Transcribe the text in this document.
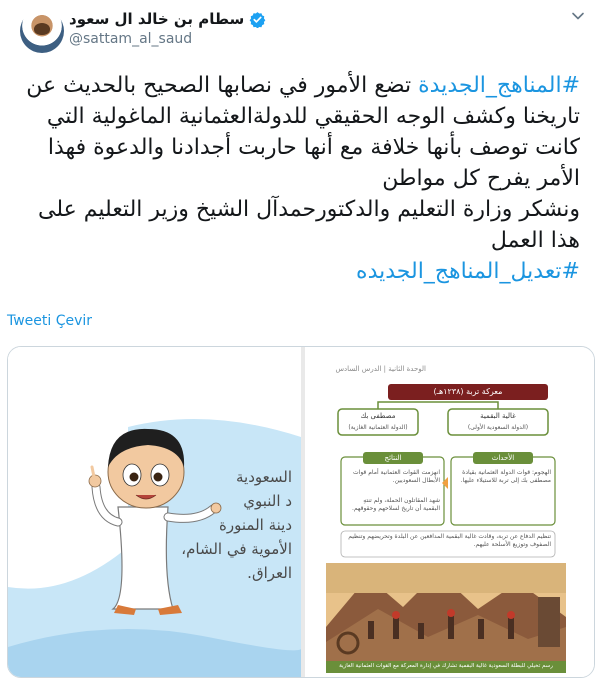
سطام بن خالد ال سعود
@sattam_al_saud

#المناهج_الجديدة تضع الأمور في نصابها الصحيح بالحديث عن تاريخنا وكشف الوجه الحقيقي للدولةالعثمانية الماغولية التي كانت توصف بأنها خلافة مع أنها حاربت أجدادنا والدعوة فهذا الأمر يفرح كل مواطن

ونشكر وزارة التعليم والدكتورحمدآل الشيخ وزير التعليم على هذا العمل

#تعديل_المناهج_الجديده

Tweeti Çevir
السعودية
د النبوي
دينة المنورة
الأموية في الشام،
العراق.
الوحدة الثانية | الدرس السادس
معركة تربة (١٢٣٨هـ)
غالية البقمية
(الدولة السعودية الأولى)
مصطفى بك
(الدولة العثمانية الغازية)
الأحداث
النتائج
الهجوم: قوات الدولة العثمانية بقيادة مصطفى بك إلى تربة للاستيلاء عليها.
انهزمت القوات العثمانية أمام قوات الأبطال السعوديين.
شهد المقاتلون الحملة، ولم تنتهِ البقمية أن تاريخ لسلاحهم وحقوقهم.
تنظيم الدفاع عن تربة، وقادت غالية البقمية المدافعين عن البلدة وتحريضهم وتنظيم الصفوف وتوزيع الأسلحة عليهم.
رسم تخيلي للبطلة السعودية غالية البقمية تشارك في إدارة المعركة مع القوات العثمانية الغازية
